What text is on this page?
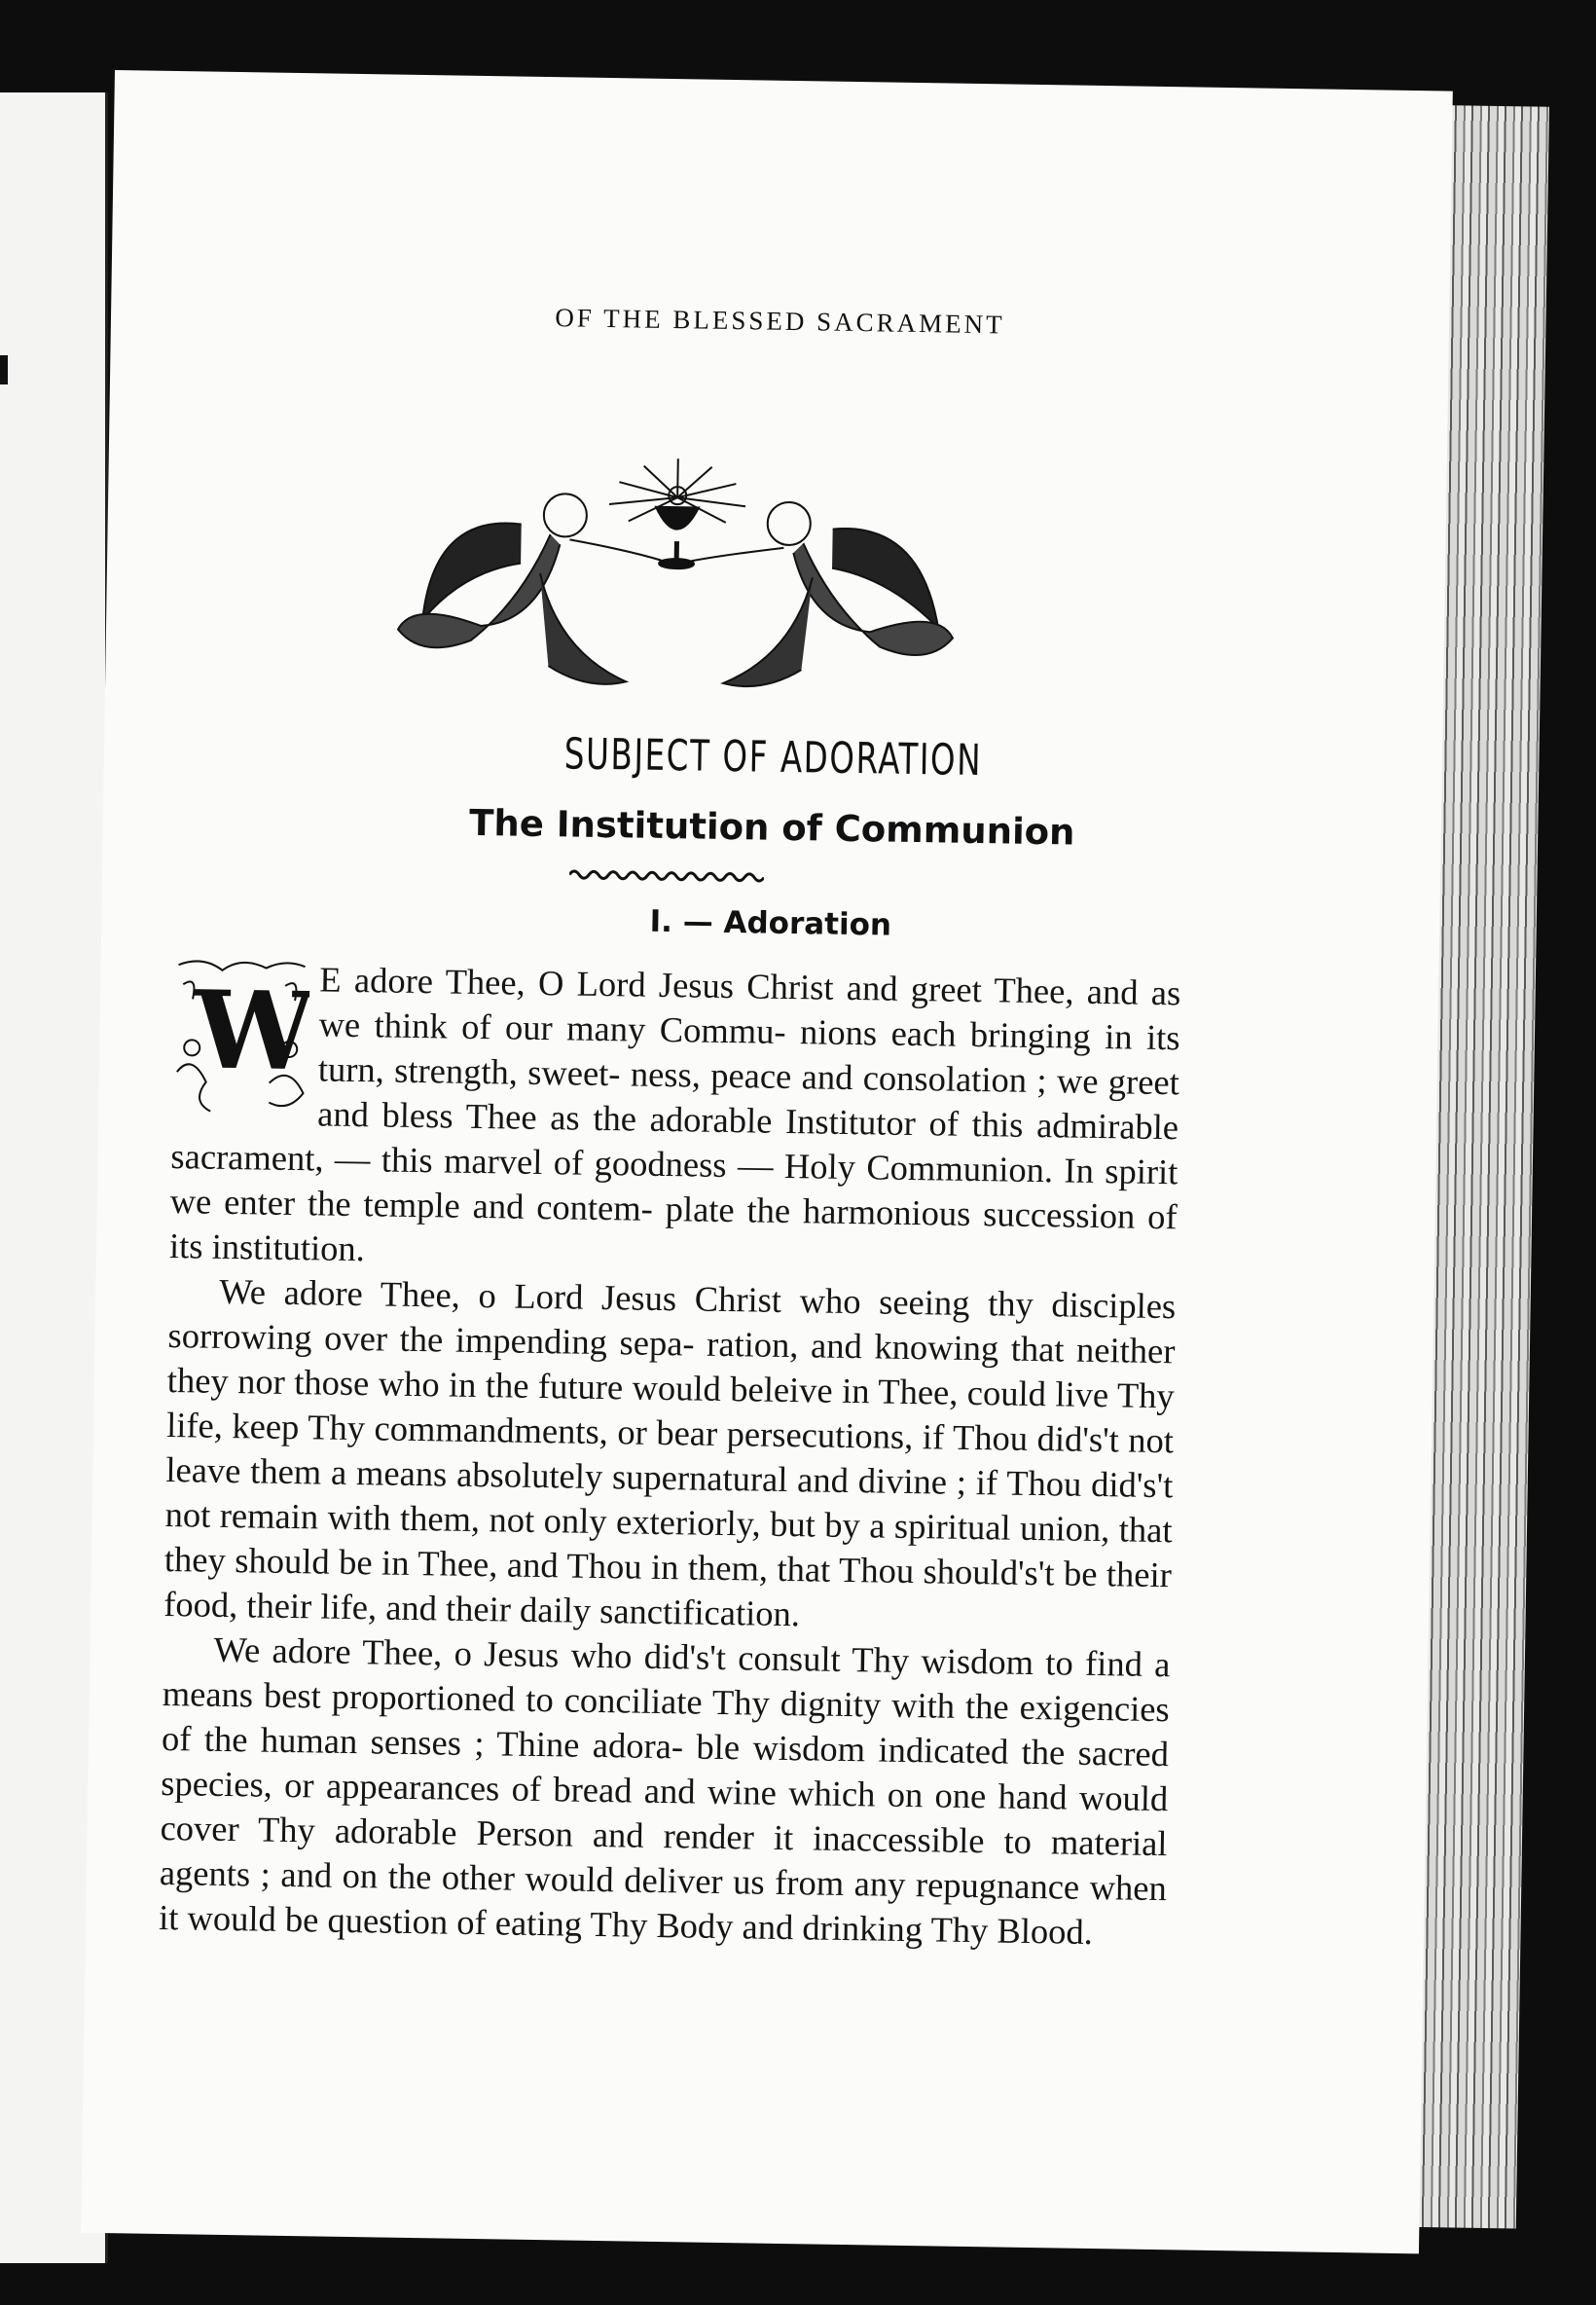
OF THE BLESSED SACRAMENT
SUBJECT OF ADORATION
The Institution of Communion
I. — Adoration
W E adore Thee, O Lord Jesus Christ and greet Thee, and as we think of our many Commu- nions each bringing in its turn, strength, sweet- ness, peace and consolation ; we greet and bless Thee as the adorable Institutor of this admirable sacrament, — this marvel of goodness — Holy Communion. In spirit we enter the temple and contem- plate the harmonious succession of its institution.

We adore Thee, o Lord Jesus Christ who seeing thy disciples sorrowing over the impending sepa- ration, and knowing that neither they nor those who in the future would beleive in Thee, could live Thy life, keep Thy commandments, or bear persecutions, if Thou did's't not leave them a means absolutely supernatural and divine ; if Thou did's't not remain with them, not only exteriorly, but by a spiritual union, that they should be in Thee, and Thou in them, that Thou should's't be their food, their life, and their daily sanctification.

We adore Thee, o Jesus who did's't consult Thy wisdom to find a means best proportioned to conciliate Thy dignity with the exigencies of the human senses ; Thine adora- ble wisdom indicated the sacred species, or appearances of bread and wine which on one hand would cover Thy adorable Person and render it inaccessible to material agents ; and on the other would deliver us from any repugnance when it would be question of eating Thy Body and drinking Thy Blood.
